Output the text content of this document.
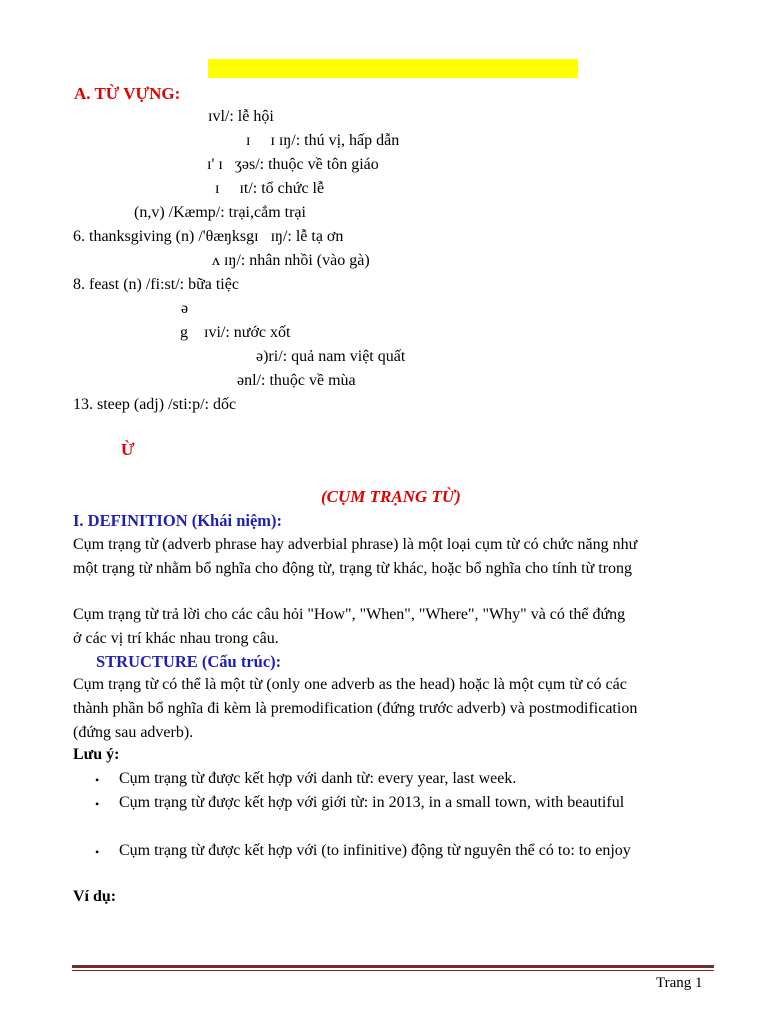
A. TỪ VỰNG:
ɪvl/: lễ hội
ɪ     ɪ ɪŋ/: thú vị, hấp dẫn
ɪ' ɪ   ʒəs/: thuộc về tôn giáo
ɪ     ɪt/: tổ chức lễ
(n,v) /Kæmp/: trại,cắm trại
6. thanksgiving (n) /'θæŋksgɪ   ɪŋ/: lễ tạ ơn
ʌ ɪŋ/: nhân nhồi (vào gà)
8. feast (n) /fi:st/: bữa tiệc
ə
g    ɪvi/: nước xốt
ə)ri/: quả nam việt quất
ənl/: thuộc về mùa
13. steep (adj) /sti:p/: dốc
Ừ
(CỤM TRẠNG TỪ)
I. DEFINITION (Khái niệm):
Cụm trạng từ (adverb phrase hay adverbial phrase) là một loại cụm từ có chức năng như
một trạng từ nhằm bổ nghĩa cho động từ, trạng từ khác, hoặc bổ nghĩa cho tính từ trong
Cụm trạng từ trả lời cho các câu hỏi "How", "When", "Where", "Why" và có thể đứng
ở các vị trí khác nhau trong câu.
STRUCTURE (Cấu trúc):
Cụm trạng từ có thể là một từ (only one adverb as the head) hoặc là một cụm từ có các
thành phần bổ nghĩa đi kèm là premodification (đứng trước adverb) và postmodification
(đứng sau adverb).
Lưu ý:
• Cụm trạng từ được kết hợp với danh từ: every year, last week.
• Cụm trạng từ được kết hợp với giới từ: in 2013, in a small town, with beautiful
• Cụm trạng từ được kết hợp với (to infinitive) động từ nguyên thể có to: to enjoy
Ví dụ:
Trang 1
